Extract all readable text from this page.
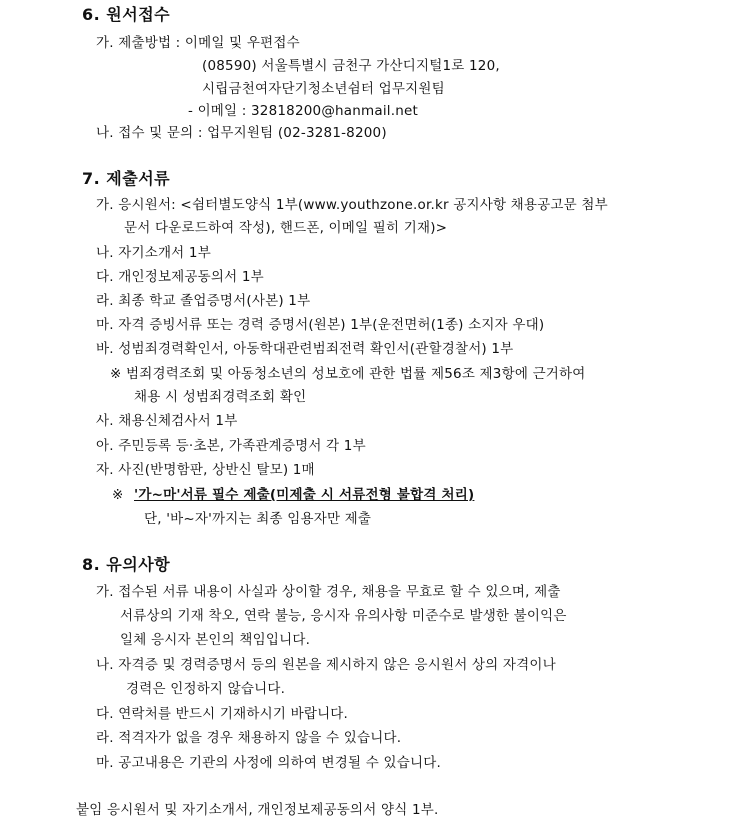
6. 원서접수
가. 제출방법 : 이메일 및 우편접수
(08590) 서울특별시 금천구 가산디지털1로 120,
시립금천여자단기청소년쉼터 업무지원팀
- 이메일 : 32818200@hanmail.net
나. 접수 및 문의 : 업무지원팀 (02-3281-8200)
7. 제출서류
가. 응시원서: <쉼터별도양식 1부(www.youthzone.or.kr 공지사항 채용공고문 첨부
문서 다운로드하여 작성), 핸드폰, 이메일 필히 기재)>
나. 자기소개서 1부
다. 개인정보제공동의서 1부
라. 최종 학교 졸업증명서(사본) 1부
마. 자격 증빙서류 또는 경력 증명서(원본) 1부(운전면허(1종) 소지자 우대)
바. 성범죄경력확인서, 아동학대관련범죄전력 확인서(관할경찰서) 1부
※ 범죄경력조회 및 아동청소년의 성보호에 관한 법률 제56조 제3항에 근거하여
채용 시 성범죄경력조회 확인
사. 채용신체검사서 1부
아. 주민등록 등·초본, 가족관계증명서 각 1부
자. 사진(반명함판, 상반신 탈모) 1매
※ '가~마'서류 필수 제출(미제출 시 서류전형 불합격 처리)
단, '바~자'까지는 최종 임용자만 제출
8. 유의사항
가. 접수된 서류 내용이 사실과 상이할 경우, 채용을 무효로 할 수 있으며, 제출
서류상의 기재 착오, 연락 불능, 응시자 유의사항 미준수로 발생한 불이익은
일체 응시자 본인의 책임입니다.
나. 자격증 및 경력증명서 등의 원본을 제시하지 않은 응시원서 상의 자격이나
경력은 인정하지 않습니다.
다. 연락처를 반드시 기재하시기 바랍니다.
라. 적격자가 없을 경우 채용하지 않을 수 있습니다.
마. 공고내용은 기관의 사정에 의하여 변경될 수 있습니다.
붙임 응시원서 및 자기소개서, 개인정보제공동의서 양식 1부.
